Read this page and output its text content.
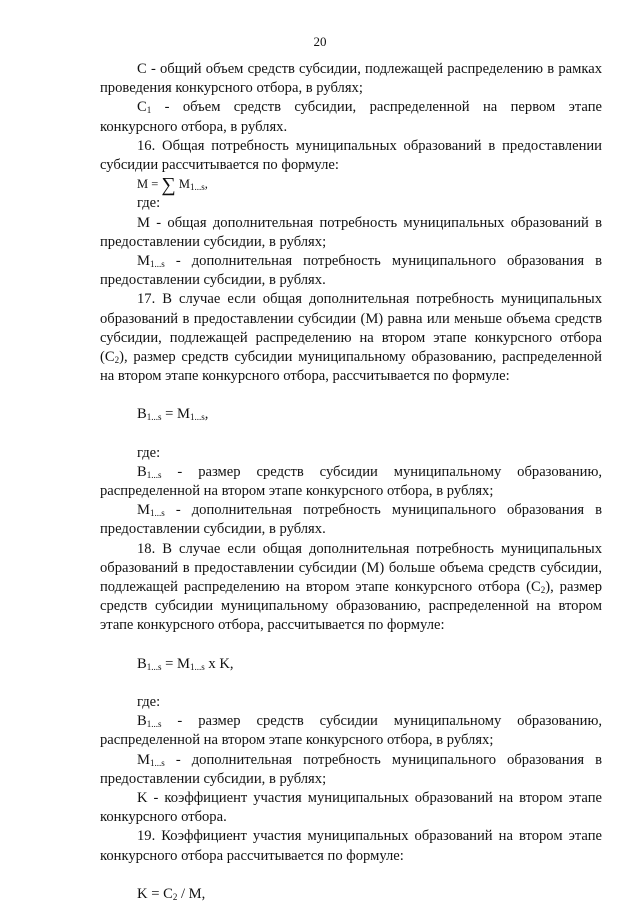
20

C - общий объем средств субсидии, подлежащей распределению в рамках проведения конкурсного отбора, в рублях;

$C_1$ - объем средств субсидии, распределенной на первом этапе конкурсного отбора, в рублях.

16. Общая потребность муниципальных образований в предоставлении субсидии рассчитывается по формуле:

M = ∑ $M_{1...s}$,

где:

M - общая дополнительная потребность муниципальных образований в предоставлении субсидии, в рублях;

$M_{1...s}$ - дополнительная потребность муниципального образования в предоставлении субсидии, в рублях.

17. В случае если общая дополнительная потребность муниципальных образований в предоставлении субсидии (M) равна или меньше объема средств субсидии, подлежащей распределению на втором этапе конкурсного отбора $(C_2)$, размер средств субсидии муниципальному образованию, распределенной на втором этапе конкурсного отбора, рассчитывается по формуле:

$B_{1...s} = M_{1...s}$,

где:

$B_{1...s}$ - размер средств субсидии муниципальному образованию, распределенной на втором этапе конкурсного отбора, в рублях;

$M_{1...s}$ - дополнительная потребность муниципального образования в предоставлении субсидии, в рублях.

18. В случае если общая дополнительная потребность муниципальных образований в предоставлении субсидии (M) больше объема средств субсидии, подлежащей распределению на втором этапе конкурсного отбора $(C_2)$, размер средств субсидии муниципальному образованию, распределенной на втором этапе конкурсного отбора, рассчитывается по формуле:

$B_{1...s} = M_{1...s}$ x K,

где:

$B_{1...s}$ - размер средств субсидии муниципальному образованию, распределенной на втором этапе конкурсного отбора, в рублях;

$M_{1...s}$ - дополнительная потребность муниципального образования в предоставлении субсидии, в рублях;

K - коэффициент участия муниципальных образований на втором этапе конкурсного отбора.

19. Коэффициент участия муниципальных образований на втором этапе конкурсного отбора рассчитывается по формуле:

$K = C_2 / M$,
